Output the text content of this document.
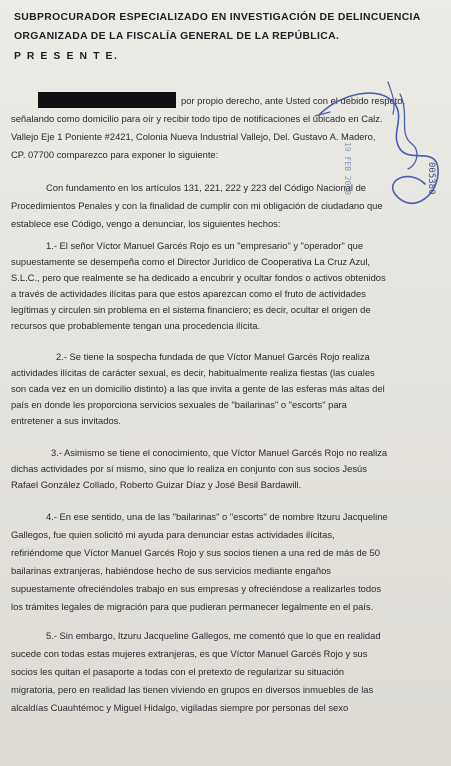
SUBPROCURADOR ESPECIALIZADO EN INVESTIGACIÓN DE DELINCUENCIA
ORGANIZADA DE LA FISCALÍA GENERAL DE LA REPÚBLICA.
P R E S E N T E.
por propio derecho, ante Usted con el debido respeto,
señalando como domicilio para oír y recibir todo tipo de notificaciones el ubicado en Calz.
Vallejo Eje 1 Poniente #2421, Colonia Nueva Industrial Vallejo, Del. Gustavo A. Madero,
CP. 07700 comparezco para exponer lo siguiente:
Con fundamento en los artículos 131, 221, 222 y 223 del Código Nacional de
Procedimientos Penales y con la finalidad de cumplir con mi obligación de ciudadano que
establece ese Código, vengo a denunciar, los siguientes hechos:
1.- El señor Víctor Manuel Garcés Rojo es un "empresario" y "operador" que
supuestamente se desempeña como el Director Jurídico de Cooperativa La Cruz Azul,
S.L.C., pero que realmente se ha dedicado a encubrir y ocultar fondos o activos obtenidos
a través de actividades ilícitas para que estos aparezcan como el fruto de actividades
legítimas y circulen sin problema en el sistema financiero; es decir, ocultar el origen de
recursos que probablemente tengan una procedencia ilícita.
2.- Se tiene la sospecha fundada de que Víctor Manuel Garcés Rojo realiza
actividades ilícitas de carácter sexual, es decir, habitualmente realiza fiestas (las cuales
son cada vez en un domicilio distinto) a las que invita a gente de las esferas más altas del
país en donde les proporciona servicios sexuales de "bailarinas" o "escorts" para
entretener a sus invitados.
3.- Asimismo se tiene el conocimiento, que Víctor Manuel Garcés Rojo no realiza
dichas actividades por sí mismo, sino que lo realiza en conjunto con sus socios Jesús
Rafael González Collado, Roberto Guizar Díaz y José Besil Bardawill.
4.- En ese sentido, una de las "bailarinas" o "escorts" de nombre Itzuru Jacqueline
Gallegos, fue quien solicitó mi ayuda para denunciar estas actividades ilícitas,
refiriéndome que Víctor Manuel Garcés Rojo y sus socios tienen a una red de más de 50
bailarinas extranjeras, habiéndose hecho de sus servicios mediante engaños
supuestamente ofreciéndoles trabajo en sus empresas y ofreciéndose a realizarles todos
los trámites legales de migración para que pudieran permanecer legalmente en el país.
5.- Sin embargo, Itzuru Jacqueline Gallegos, me comentó que lo que en realidad
sucede con todas estas mujeres extranjeras, es que Víctor Manuel Garcés Rojo y sus
socios les quitan el pasaporte a todas con el pretexto de regularizar su situación
migratoria, pero en realidad las tienen viviendo en grupos en diversos inmuebles de las
alcaldías Cuauhtémoc y Miguel Hidalgo, vigiladas siempre por personas del sexo
005380
19 FEB 2020
